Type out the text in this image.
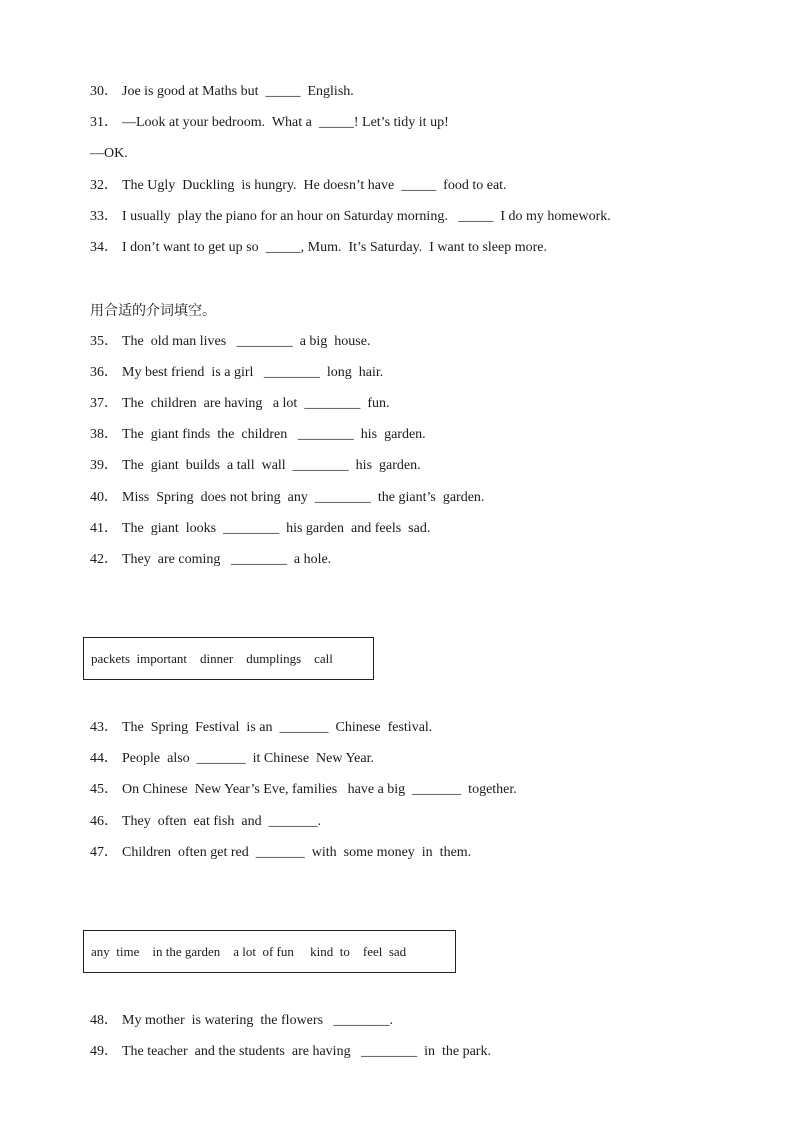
30． Joe is good at Maths but  _____  English.
31． —Look at your bedroom.  What a  _____! Let’s tidy it up!
—OK.
32． The Ugly  Duckling  is hungry.  He doesn’t have  _____  food to eat.
33． I usually  play the piano for an hour on Saturday morning.   _____  I do my homework.
34． I don’t want to get up so  _____, Mum.  It’s Saturday.  I want to sleep more.
用合适的介词填空。
35． The  old man lives   ________  a big  house.
36． My best friend  is a girl   ________  long  hair.
37． The  children  are having   a lot  ________  fun.
38． The  giant finds  the  children   ________  his  garden.
39． The  giant  builds  a tall  wall  ________  his  garden.
40． Miss  Spring  does not bring  any  ________  the giant’s  garden.
41． The  giant  looks  ________  his garden  and feels  sad.
42． They  are coming   ________  a hole.
packets  important    dinner    dumplings    call
43． The  Spring  Festival  is an  _______  Chinese  festival.
44． People  also  _______  it Chinese  New Year.
45． On Chinese  New Year’s Eve, families   have a big  _______  together.
46． They  often  eat fish  and  _______.
47． Children  often get red  _______  with  some money  in  them.
any  time    in the garden    a lot  of fun     kind  to    feel  sad
48． My mother  is watering  the flowers   ________.
49． The teacher  and the students  are having   ________  in  the park.
